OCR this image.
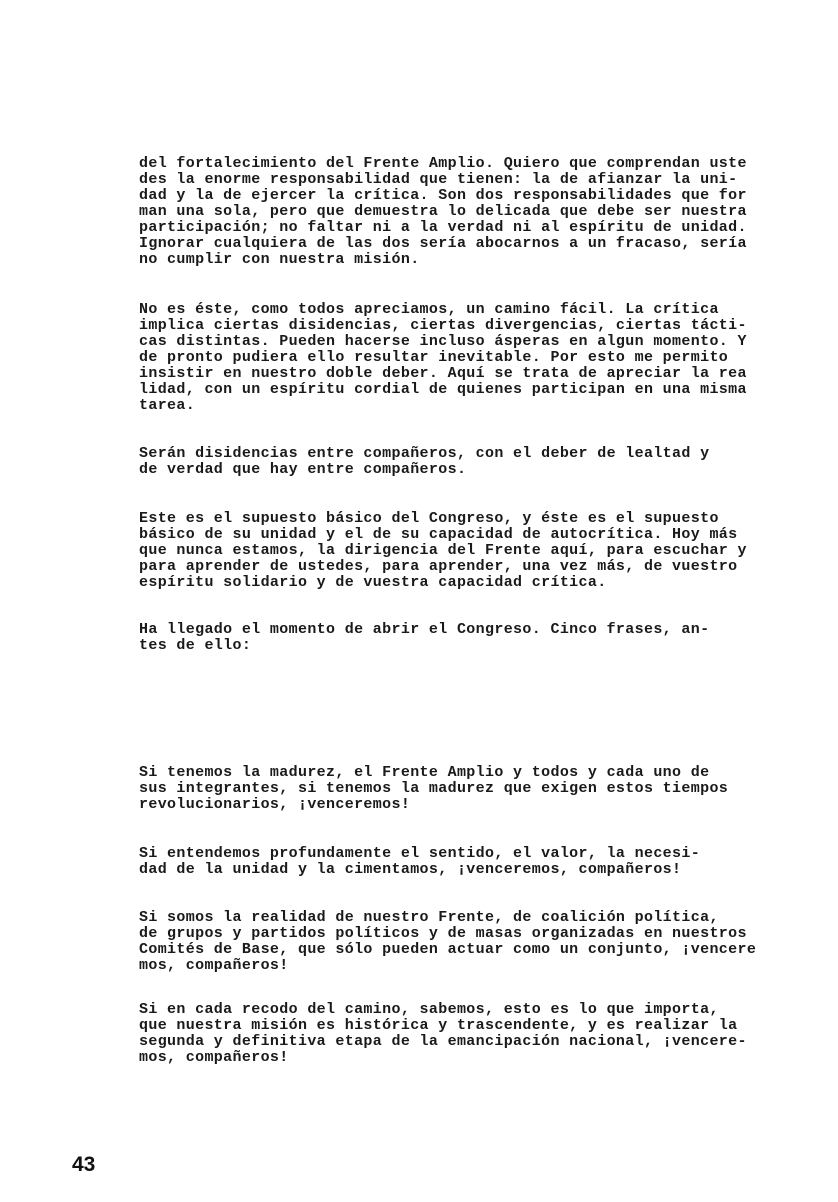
del fortalecimiento del Frente Amplio. Quiero que comprendan uste
des la enorme responsabilidad que tienen: la de afianzar la uni-
dad y la de ejercer la crítica. Son dos responsabilidades que for
man una sola, pero que demuestra lo delicada que debe ser nuestra
participación; no faltar ni a la verdad ni al espíritu de unidad.
Ignorar cualquiera de las dos sería abocarnos a un fracaso, sería
no cumplir con nuestra misión.

No es éste, como todos apreciamos, un camino fácil. La crítica
implica ciertas disidencias, ciertas divergencias, ciertas tácti-
cas distintas. Pueden hacerse incluso ásperas en algun momento. Y
de pronto pudiera ello resultar inevitable. Por esto me permito
insistir en nuestro doble deber. Aquí se trata de apreciar la rea
lidad, con un espíritu cordial de quienes participan en una misma
tarea.

Serán disidencias entre compañeros, con el deber de lealtad y
de verdad que hay entre compañeros.

Este es el supuesto básico del Congreso, y éste es el supuesto
básico de su unidad y el de su capacidad de autocrítica. Hoy más
que nunca estamos, la dirigencia del Frente aquí, para escuchar y
para aprender de ustedes, para aprender, una vez más, de vuestro
espíritu solidario y de vuestra capacidad crítica.

Ha llegado el momento de abrir el Congreso. Cinco frases, an-
tes de ello:

Si tenemos la madurez, el Frente Amplio y todos y cada uno de
sus integrantes, si tenemos la madurez que exigen estos tiempos
revolucionarios, ¡venceremos!

Si entendemos profundamente el sentido, el valor, la necesi-
dad de la unidad y la cimentamos, ¡venceremos, compañeros!

Si somos la realidad de nuestro Frente, de coalición política,
de grupos y partidos políticos y de masas organizadas en nuestros
Comités de Base, que sólo pueden actuar como un conjunto, ¡vencere
mos, compañeros!

Si en cada recodo del camino, sabemos, esto es lo que importa,
que nuestra misión es histórica y trascendente, y es realizar la
segunda y definitiva etapa de la emancipación nacional, ¡vencere-
mos, compañeros!

43
